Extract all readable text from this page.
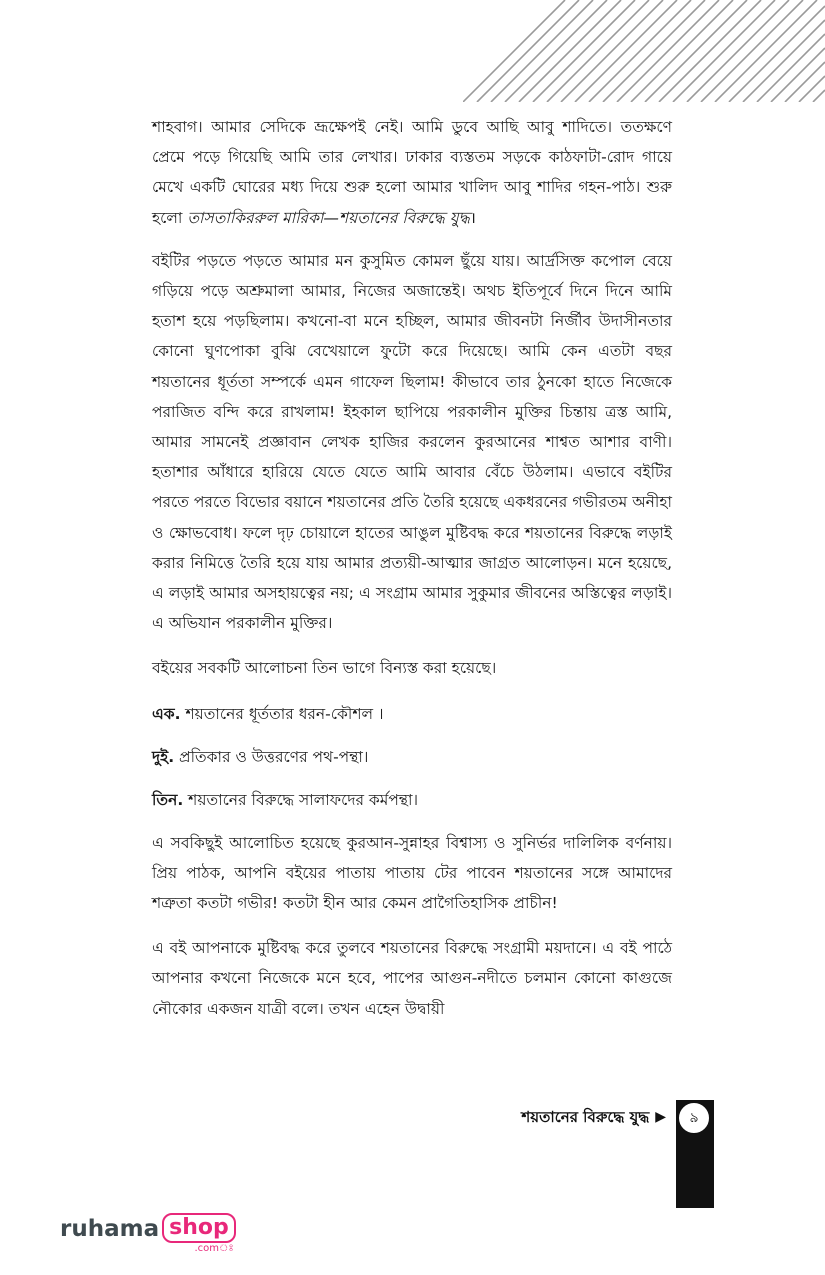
শাহবাগ। আমার সেদিকে ভ্রূক্ষেপই নেই। আমি ডুবে আছি আবু শাদিতে। ততক্ষণে প্রেমে পড়ে গিয়েছি আমি তার লেখার। ঢাকার ব্যস্ততম সড়কে কাঠফাটা-রোদ গায়ে মেখে একটি ঘোরের মধ্য দিয়ে শুরু হলো আমার খালিদ আবু শাদির গহন-পাঠ। শুরু হলো তাসতাকিররুল মারিকা—শয়তানের বিরুদ্ধে যুদ্ধ।

বইটির পড়তে পড়তে আমার মন কুসুমিত কোমল ছুঁয়ে যায়। আর্দ্রসিক্ত কপোল বেয়ে গড়িয়ে পড়ে অশ্রুমালা আমার, নিজের অজান্তেই। অথচ ইতিপূর্বে দিনে দিনে আমি হতাশ হয়ে পড়ছিলাম। কখনো-বা মনে হচ্ছিল, আমার জীবনটা নির্জীব উদাসীনতার কোনো ঘুণপোকা বুঝি বেখেয়ালে ফুটো করে দিয়েছে। আমি কেন এতটা বছর শয়তানের ধূর্ততা সম্পর্কে এমন গাফেল ছিলাম! কীভাবে তার ঠুনকো হাতে নিজেকে পরাজিত বন্দি করে রাখলাম! ইহকাল ছাপিয়ে পরকালীন মুক্তির চিন্তায় ত্রস্ত আমি, আমার সামনেই প্রজ্ঞাবান লেখক হাজির করলেন কুরআনের শাশ্বত আশার বাণী। হতাশার আঁধারে হারিয়ে যেতে যেতে আমি আবার বেঁচে উঠলাম। এভাবে বইটির পরতে পরতে বিভোর বয়ানে শয়তানের প্রতি তৈরি হয়েছে একধরনের গভীরতম অনীহা ও ক্ষোভবোধ। ফলে দৃঢ় চোয়ালে হাতের আঙুল মুষ্টিবদ্ধ করে শয়তানের বিরুদ্ধে লড়াই করার নিমিত্তে তৈরি হয়ে যায় আমার প্রত্যয়ী-আত্মার জাগ্রত আলোড়ন। মনে হয়েছে, এ লড়াই আমার অসহায়ত্বের নয়; এ সংগ্রাম আমার সুকুমার জীবনের অস্তিত্বের লড়াই। এ অভিযান পরকালীন মুক্তির।

বইয়ের সবকটি আলোচনা তিন ভাগে বিন্যস্ত করা হয়েছে।

এক. শয়তানের ধূর্ততার ধরন-কৌশল ।

দুই. প্রতিকার ও উত্তরণের পথ-পন্থা।

তিন. শয়তানের বিরুদ্ধে সালাফদের কর্মপন্থা।

এ সবকিছুই আলোচিত হয়েছে কুরআন-সুন্নাহর বিশ্বাস্য ও সুনির্ভর দালিলিক বর্ণনায়। প্রিয় পাঠক, আপনি বইয়ের পাতায় পাতায় টের পাবেন শয়তানের সঙ্গে আমাদের শত্রুতা কতটা গভীর! কতটা হীন আর কেমন প্রাগৈতিহাসিক প্রাচীন!

এ বই আপনাকে মুষ্টিবদ্ধ করে তুলবে শয়তানের বিরুদ্ধে সংগ্রামী ময়দানে। এ বই পাঠে আপনার কখনো নিজেকে মনে হবে, পাপের আগুন-নদীতে চলমান কোনো কাগুজে নৌকোর একজন যাত্রী বলে। তখন এহেন উদ্বায়ী

শয়তানের বিরুদ্ধে যুদ্ধ ▶	৯
ruhama shop
.comঃ
